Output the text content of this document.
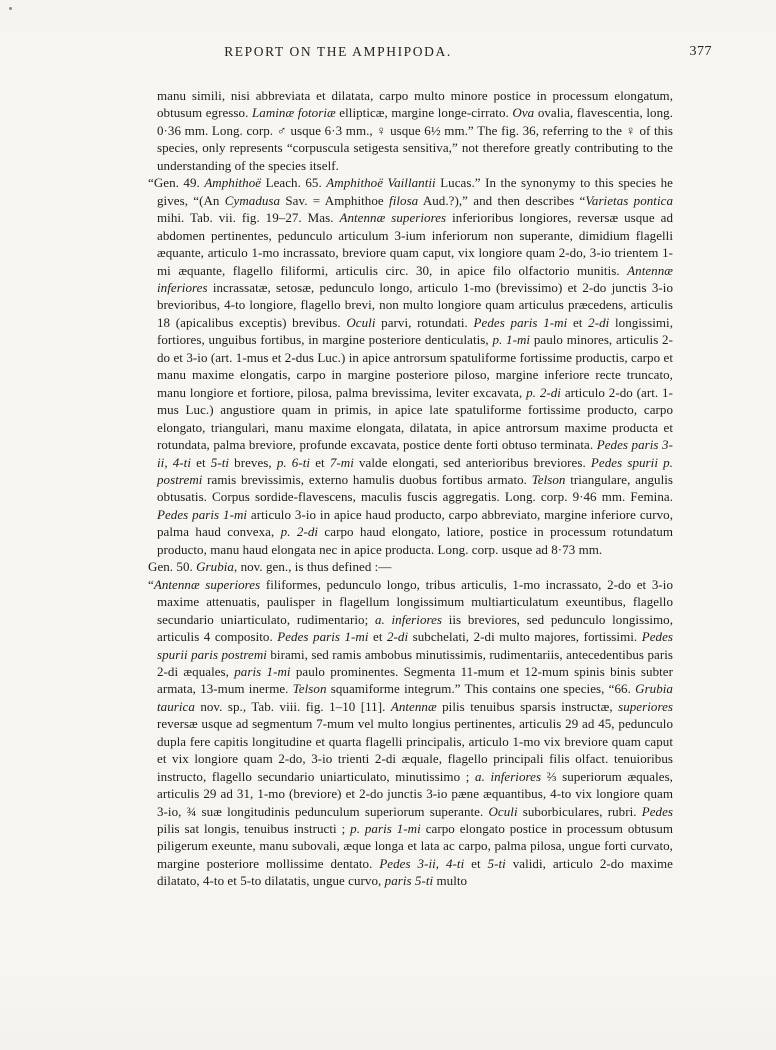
REPORT ON THE AMPHIPODA.	377

manu simili, nisi abbreviata et dilatata, carpo multo minore postice in processum elongatum, obtusum egresso. Laminæ fotoriæ ellipticæ, margine longe-cirrato. Ova ovalia, flavescentia, long. 0·36 mm. Long. corp. ♂ usque 6·3 mm., ♀ usque 6½ mm.” The fig. 36, referring to the ♀ of this species, only represents “corpuscula setigesta sensitiva,” not therefore greatly contributing to the understanding of the species itself.

“Gen. 49. Amphithoë Leach. 65. Amphithoë Vaillantii Lucas.” In the synonymy to this species he gives, “(An Cymadusa Sav. = Amphithoe filosa Aud.?),” and then describes “Varietas pontica mihi. Tab. vii. fig. 19–27. Mas. Antennæ superiores inferioribus longiores, reversæ usque ad abdomen pertinentes, pedunculo articulum 3-ium inferiorum non superante, dimidium flagelli æquante, articulo 1-mo incrassato, breviore quam caput, vix longiore quam 2-do, 3-io trientem 1-mi æquante, flagello filiformi, articulis circ. 30, in apice filo olfactorio munitis. Antennæ inferiores incrassatæ, setosæ, pedunculo longo, articulo 1-mo (brevissimo) et 2-do junctis 3-io brevioribus, 4-to longiore, flagello brevi, non multo longiore quam articulus præcedens, articulis 18 (apicalibus exceptis) brevibus. Oculi parvi, rotundati. Pedes paris 1-mi et 2-di longissimi, fortiores, unguibus fortibus, in margine posteriore denticulatis, p. 1-mi paulo minores, articulis 2-do et 3-io (art. 1-mus et 2-dus Luc.) in apice antrorsum spatuliforme fortissime productis, carpo et manu maxime elongatis, carpo in margine posteriore piloso, margine inferiore recte truncato, manu longiore et fortiore, pilosa, palma brevissima, leviter excavata, p. 2-di articulo 2-do (art. 1-mus Luc.) angustiore quam in primis, in apice late spatuliforme fortissime producto, carpo elongato, triangulari, manu maxime elongata, dilatata, in apice antrorsum maxime producta et rotundata, palma breviore, profunde excavata, postice dente forti obtuso terminata. Pedes paris 3-ii, 4-ti et 5-ti breves, p. 6-ti et 7-mi valde elongati, sed anterioribus breviores. Pedes spurii p. postremi ramis brevissimis, externo hamulis duobus fortibus armato. Telson triangulare, angulis obtusatis. Corpus sordide-flavescens, maculis fuscis aggregatis. Long. corp. 9·46 mm. Femina. Pedes paris 1-mi articulo 3-io in apice haud producto, carpo abbreviato, margine inferiore curvo, palma haud convexa, p. 2-di carpo haud elongato, latiore, postice in processum rotundatum producto, manu haud elongata nec in apice producta. Long. corp. usque ad 8·73 mm.

Gen. 50. Grubia, nov. gen., is thus defined :—

“Antennæ superiores filiformes, pedunculo longo, tribus articulis, 1-mo incrassato, 2-do et 3-io maxime attenuatis, paulisper in flagellum longissimum multiarticulatum exeuntibus, flagello secundario uniarticulato, rudimentario; a. inferiores iis breviores, sed pedunculo longissimo, articulis 4 composito. Pedes paris 1-mi et 2-di subchelati, 2-di multo majores, fortissimi. Pedes spurii paris postremi birami, sed ramis ambobus minutissimis, rudimentariis, antecedentibus paris 2-di æquales, paris 1-mi paulo prominentes. Segmenta 11-mum et 12-mum spinis binis subter armata, 13-mum inerme. Telson squamiforme integrum.” This contains one species, “66. Grubia taurica nov. sp., Tab. viii. fig. 1–10 [11]. Antennæ pilis tenuibus sparsis instructæ, superiores reversæ usque ad segmentum 7-mum vel multo longius pertinentes, articulis 29 ad 45, pedunculo dupla fere capitis longitudine et quarta flagelli principalis, articulo 1-mo vix breviore quam caput et vix longiore quam 2-do, 3-io trienti 2-di æquale, flagello principali filis olfact. tenuioribus instructo, flagello secundario uniarticulato, minutissimo ; a. inferiores ⅔ superiorum æquales, articulis 29 ad 31, 1-mo (breviore) et 2-do junctis 3-io pæne æquantibus, 4-to vix longiore quam 3-io, ¾ suæ longitudinis pedunculum superiorum superante. Oculi suborbiculares, rubri. Pedes pilis sat longis, tenuibus instructi ; p. paris 1-mi carpo elongato postice in processum obtusum piligerum exeunte, manu subovali, æque longa et lata ac carpo, palma pilosa, ungue forti curvato, margine posteriore mollissime dentato. Pedes 3-ii, 4-ti et 5-ti validi, articulo 2-do maxime dilatato, 4-to et 5-to dilatatis, ungue curvo, paris 5-ti multo
